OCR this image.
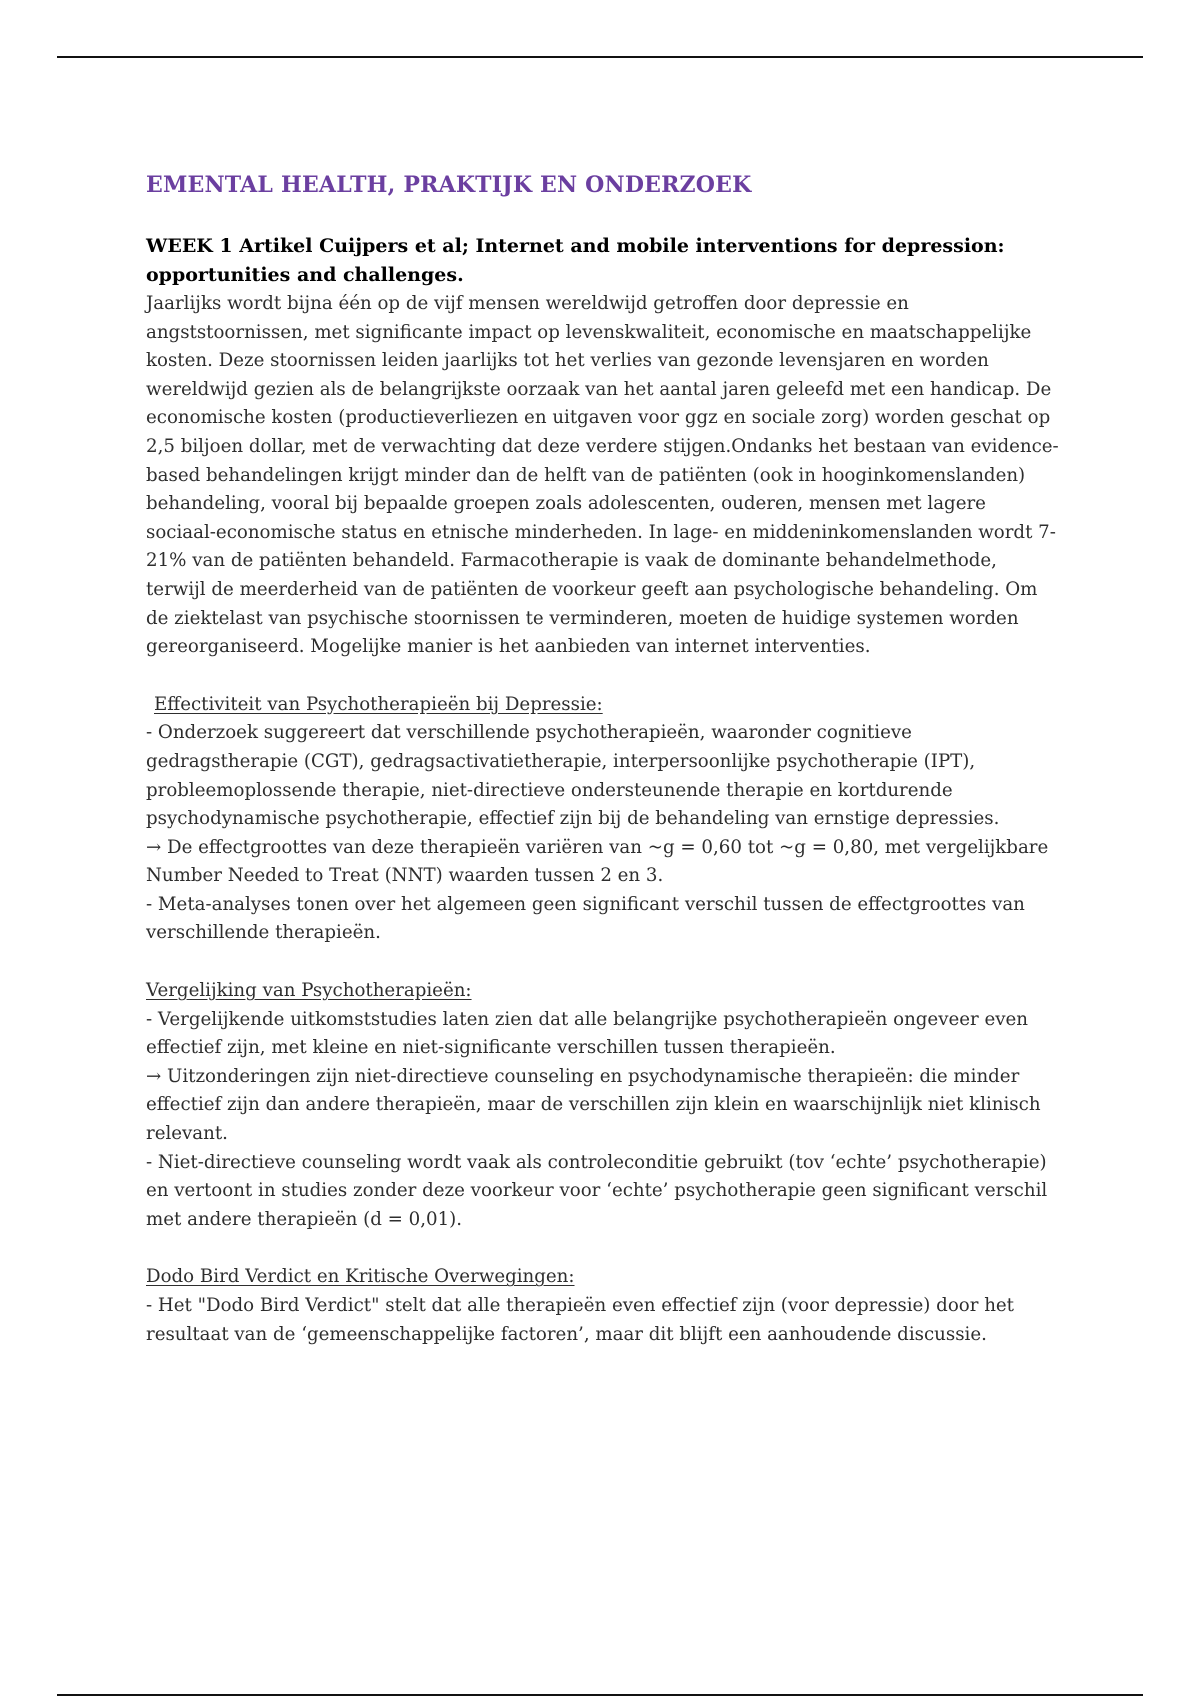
EMENTAL HEALTH, PRAKTIJK EN ONDERZOEK
WEEK 1 Artikel Cuijpers et al; Internet and mobile interventions for depression: opportunities and challenges.

Jaarlijks wordt bijna één op de vijf mensen wereldwijd getroffen door depressie en angststoornissen, met significante impact op levenskwaliteit, economische en maatschappelijke kosten. Deze stoornissen leiden jaarlijks tot het verlies van gezonde levensjaren en worden wereldwijd gezien als de belangrijkste oorzaak van het aantal jaren geleefd met een handicap. De economische kosten (productieverliezen en uitgaven voor ggz en sociale zorg) worden geschat op 2,5 biljoen dollar, met de verwachting dat deze verdere stijgen.Ondanks het bestaan van evidence-based behandelingen krijgt minder dan de helft van de patiënten (ook in hooginkomenslanden) behandeling, vooral bij bepaalde groepen zoals adolescenten, ouderen, mensen met lagere sociaal-economische status en etnische minderheden. In lage- en middeninkomenslanden wordt 7-21% van de patiënten behandeld. Farmacotherapie is vaak de dominante behandelmethode, terwijl de meerderheid van de patiënten de voorkeur geeft aan psychologische behandeling. Om de ziektelast van psychische stoornissen te verminderen, moeten de huidige systemen worden gereorganiseerd. Mogelijke manier is het aanbieden van internet interventies.

Effectiviteit van Psychotherapieën bij Depressie:
- Onderzoek suggereert dat verschillende psychotherapieën, waaronder cognitieve gedragstherapie (CGT), gedragsactivatietherapie, interpersoonlijke psychotherapie (IPT), probleemoplossende therapie, niet-directieve ondersteunende therapie en kortdurende psychodynamische psychotherapie, effectief zijn bij de behandeling van ernstige depressies.
→ De effectgroottes van deze therapieën variëren van ~g = 0,60 tot ~g = 0,80, met vergelijkbare Number Needed to Treat (NNT) waarden tussen 2 en 3.
- Meta-analyses tonen over het algemeen geen significant verschil tussen de effectgroottes van verschillende therapieën.
Vergelijking van Psychotherapieën:
- Vergelijkende uitkomststudies laten zien dat alle belangrijke psychotherapieën ongeveer even effectief zijn, met kleine en niet-significante verschillen tussen therapieën.
→ Uitzonderingen zijn niet-directieve counseling en psychodynamische therapieën: die minder effectief zijn dan andere therapieën, maar de verschillen zijn klein en waarschijnlijk niet klinisch relevant.
- Niet-directieve counseling wordt vaak als controleconditie gebruikt (tov ‘echte’ psychotherapie) en vertoont in studies zonder deze voorkeur voor ‘echte’ psychotherapie geen significant verschil met andere therapieën (d = 0,01).
Dodo Bird Verdict en Kritische Overwegingen:
- Het "Dodo Bird Verdict" stelt dat alle therapieën even effectief zijn (voor depressie) door het resultaat van de ‘gemeenschappelijke factoren’, maar dit blijft een aanhoudende discussie.
